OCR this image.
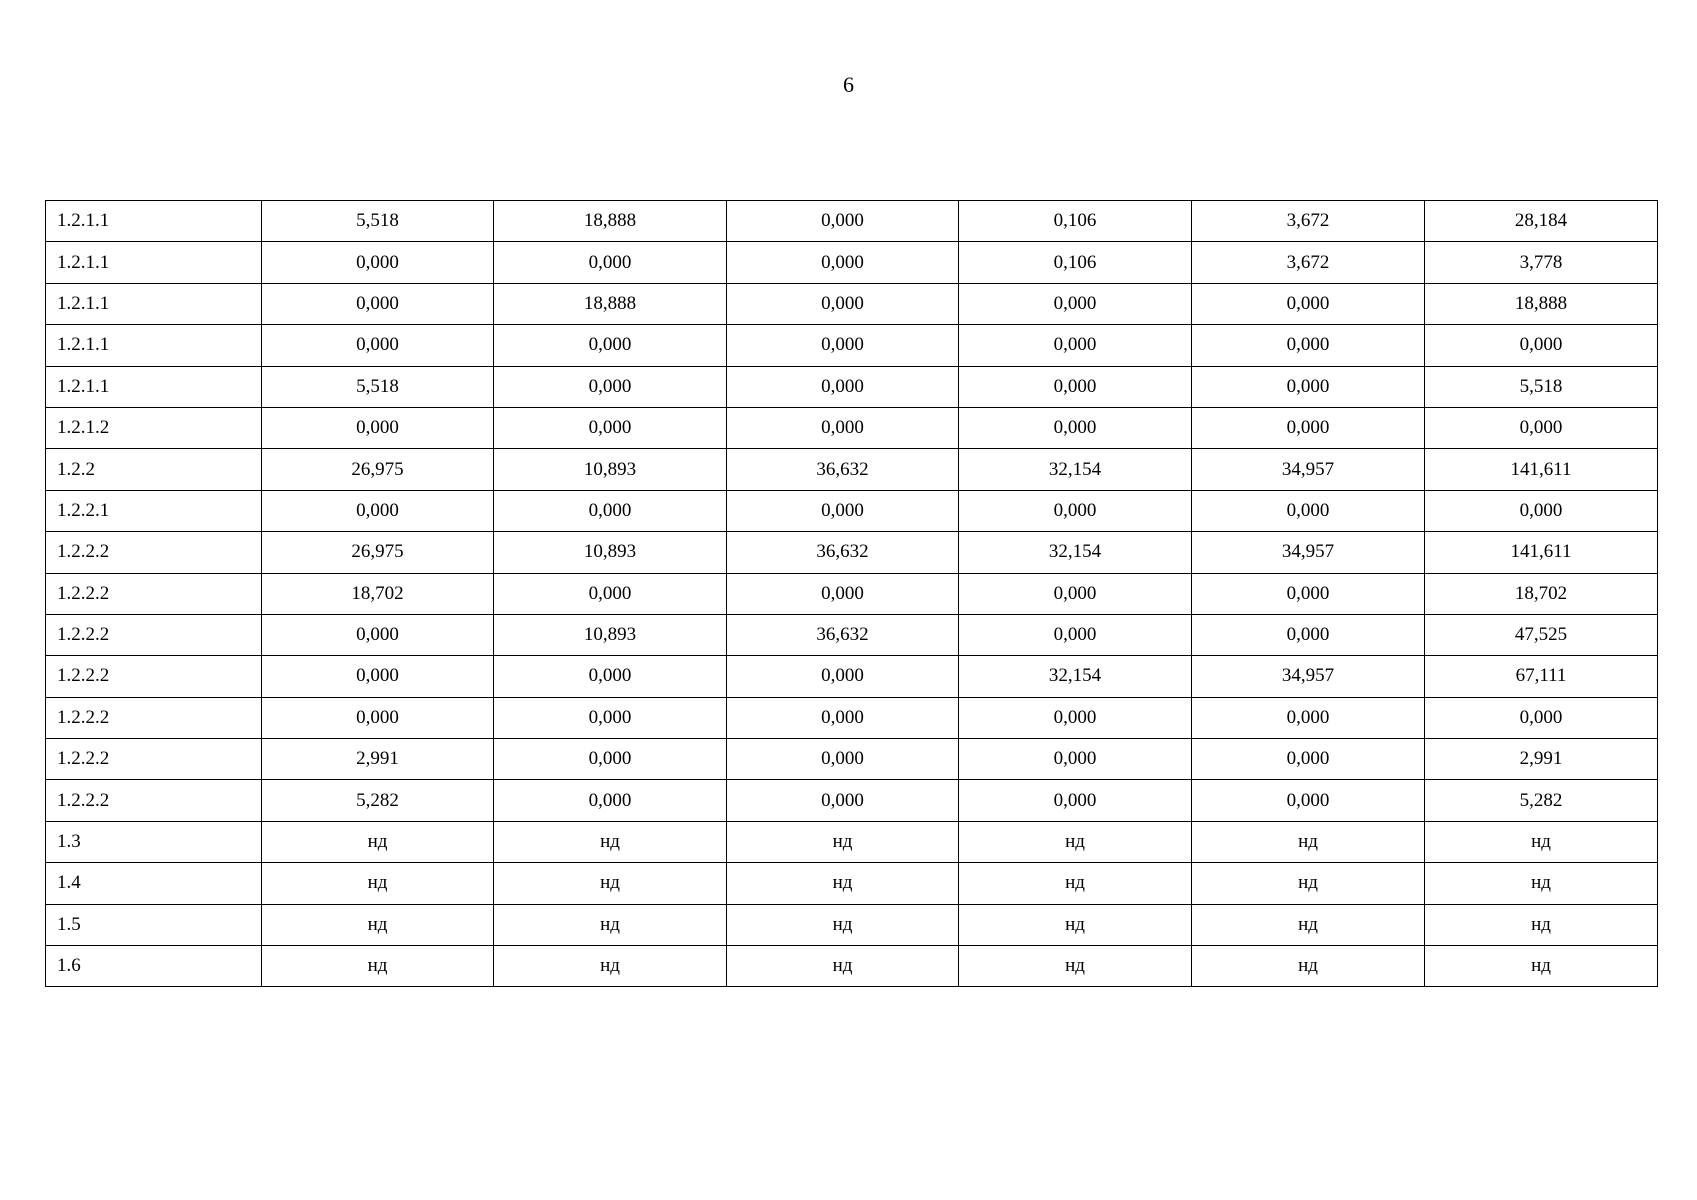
6
1.2.1.1	5,518	18,888	0,000	0,106	3,672	28,184
1.2.1.1	0,000	0,000	0,000	0,106	3,672	3,778
1.2.1.1	0,000	18,888	0,000	0,000	0,000	18,888
1.2.1.1	0,000	0,000	0,000	0,000	0,000	0,000
1.2.1.1	5,518	0,000	0,000	0,000	0,000	5,518
1.2.1.2	0,000	0,000	0,000	0,000	0,000	0,000
1.2.2	26,975	10,893	36,632	32,154	34,957	141,611
1.2.2.1	0,000	0,000	0,000	0,000	0,000	0,000
1.2.2.2	26,975	10,893	36,632	32,154	34,957	141,611
1.2.2.2	18,702	0,000	0,000	0,000	0,000	18,702
1.2.2.2	0,000	10,893	36,632	0,000	0,000	47,525
1.2.2.2	0,000	0,000	0,000	32,154	34,957	67,111
1.2.2.2	0,000	0,000	0,000	0,000	0,000	0,000
1.2.2.2	2,991	0,000	0,000	0,000	0,000	2,991
1.2.2.2	5,282	0,000	0,000	0,000	0,000	5,282
1.3	нд	нд	нд	нд	нд	нд
1.4	нд	нд	нд	нд	нд	нд
1.5	нд	нд	нд	нд	нд	нд
1.6	нд	нд	нд	нд	нд	нд
